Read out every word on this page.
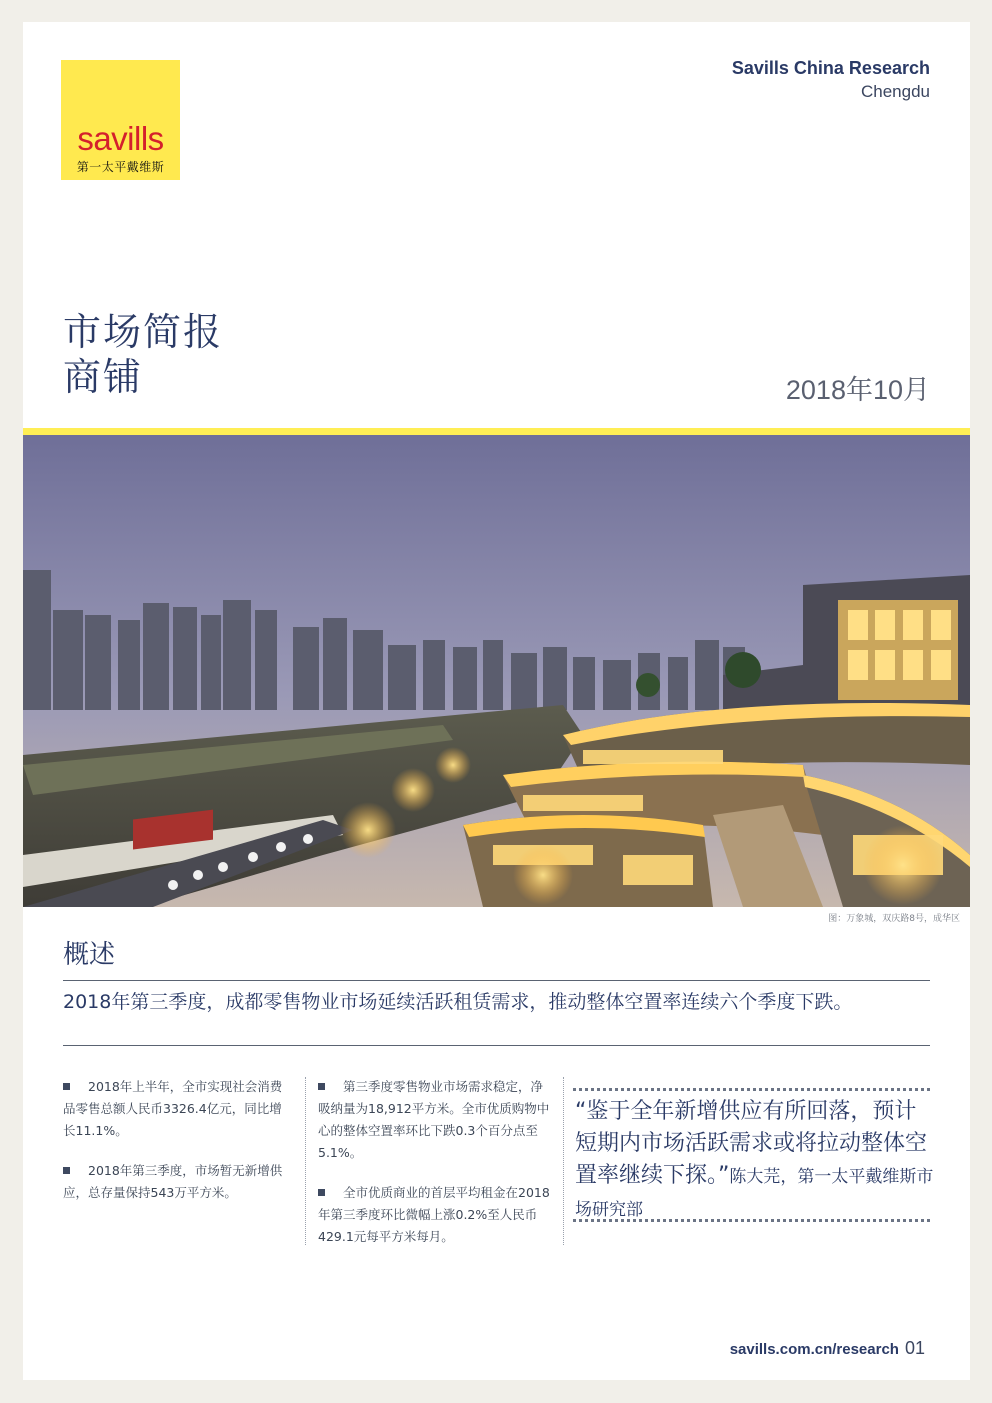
savills
第一太平戴维斯
Savills China Research
Chengdu
市场简报
商铺	2018年10月
图：万象城，双庆路8号，成华区
概述
2018年第三季度，成都零售物业市场延续活跃租赁需求，推动整体空置率连续六个季度下跌。

2018年上半年，全市实现社会消费品零售总额人民币3326.4亿元，同比增长11.1%。

2018年第三季度，市场暂无新增供应，总存量保持543万平方米。

第三季度零售物业市场需求稳定，净吸纳量为18,912平方米。全市优质购物中心的整体空置率环比下跌0.3个百分点至5.1%。

全市优质商业的首层平均租金在2018年第三季度环比微幅上涨0.2%至人民币429.1元每平方米每月。

“鉴于全年新增供应有所回落，预计短期内市场活跃需求或将拉动整体空置率继续下探。”陈大芫，第一太平戴维斯市场研究部
savills.com.cn/research 01
